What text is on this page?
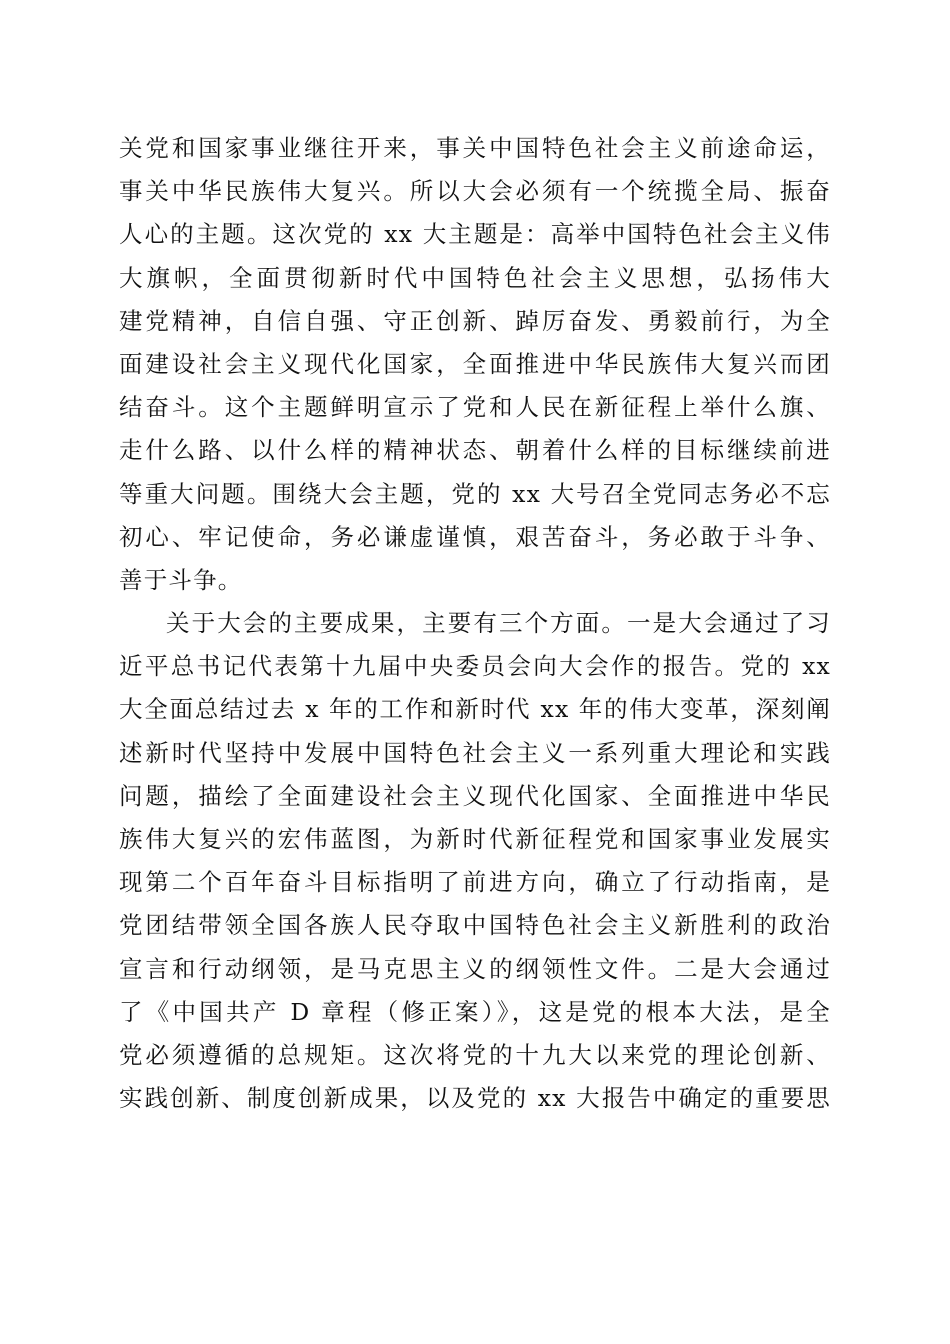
关党和国家事业继往开来，事关中国特色社会主义前途命运，
事关中华民族伟大复兴。所以大会必须有一个统揽全局、振奋
人心的主题。这次党的 xx 大主题是：高举中国特色社会主义伟
大旗帜，全面贯彻新时代中国特色社会主义思想，弘扬伟大
建党精神，自信自强、守正创新、踔厉奋发、勇毅前行，为全
面建设社会主义现代化国家，全面推进中华民族伟大复兴而团
结奋斗。这个主题鲜明宣示了党和人民在新征程上举什么旗、
走什么路、以什么样的精神状态、朝着什么样的目标继续前进
等重大问题。围绕大会主题，党的 xx 大号召全党同志务必不忘
初心、牢记使命，务必谦虚谨慎，艰苦奋斗，务必敢于斗争、
善于斗争。
关于大会的主要成果，主要有三个方面。一是大会通过了习
近平总书记代表第十九届中央委员会向大会作的报告。党的 xx
大全面总结过去 x 年的工作和新时代 xx 年的伟大变革，深刻阐
述新时代坚持中发展中国特色社会主义一系列重大理论和实践
问题，描绘了全面建设社会主义现代化国家、全面推进中华民
族伟大复兴的宏伟蓝图，为新时代新征程党和国家事业发展实
现第二个百年奋斗目标指明了前进方向，确立了行动指南，是
党团结带领全国各族人民夺取中国特色社会主义新胜利的政治
宣言和行动纲领，是马克思主义的纲领性文件。二是大会通过
了《中国共产 D 章程（修正案）》，这是党的根本大法，是全
党必须遵循的总规矩。这次将党的十九大以来党的理论创新、
实践创新、制度创新成果，以及党的 xx 大报告中确定的重要思
